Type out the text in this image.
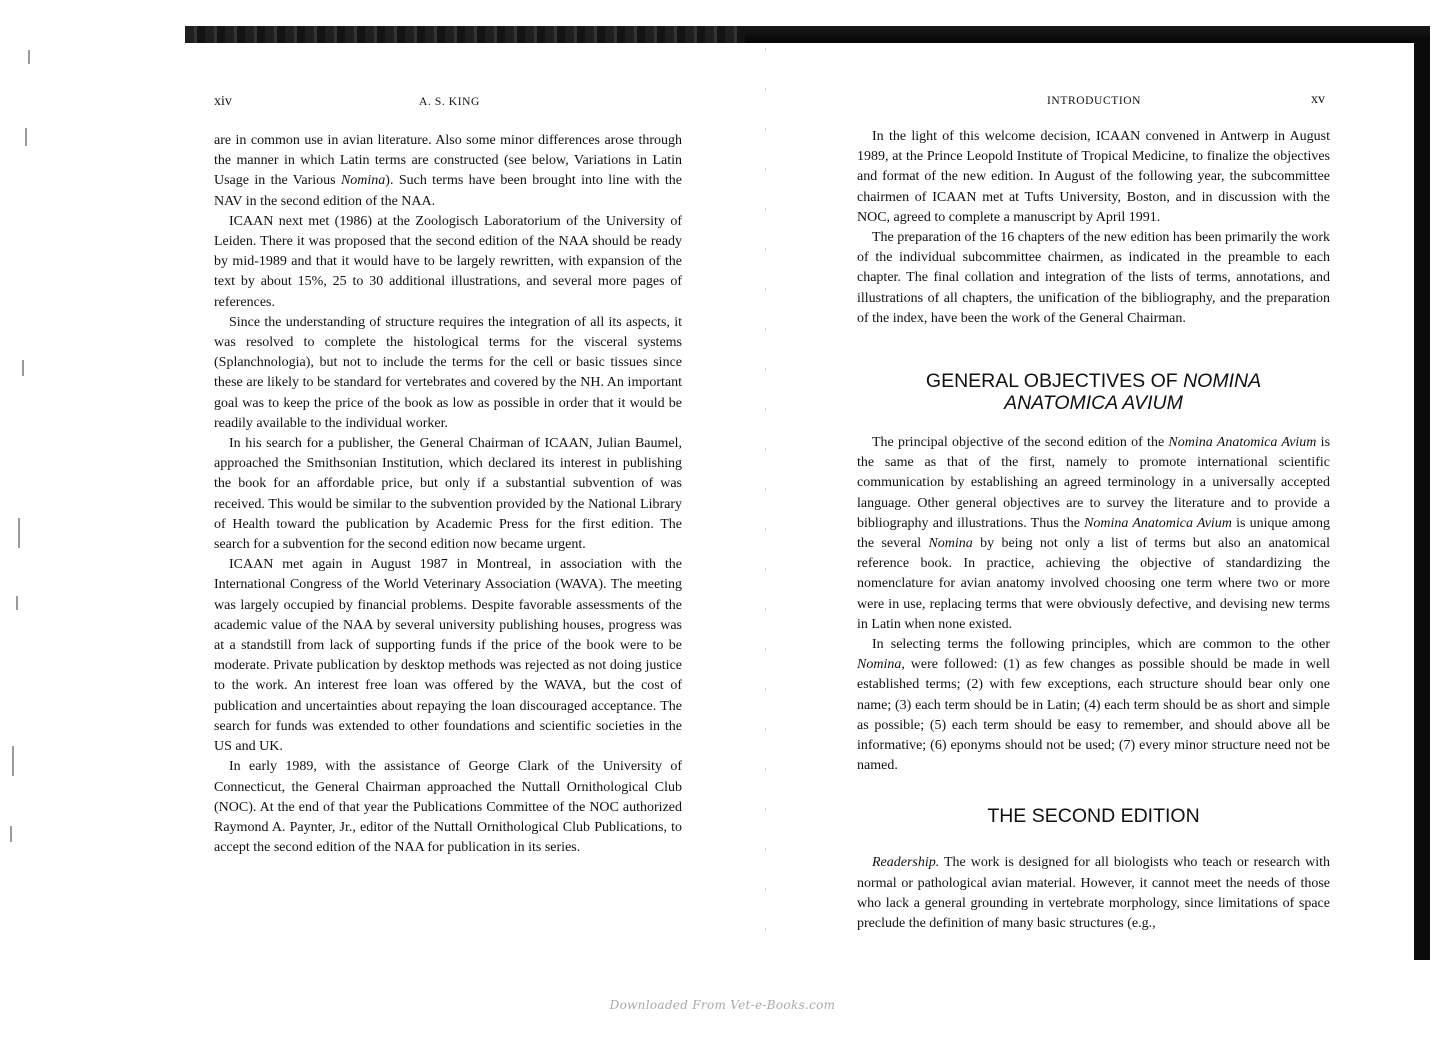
xiv	A. S. KING

are in common use in avian literature. Also some minor differences arose through the manner in which Latin terms are constructed (see below, Variations in Latin Usage in the Various Nomina). Such terms have been brought into line with the NAV in the second edition of the NAA.

ICAAN next met (1986) at the Zoologisch Laboratorium of the University of Leiden. There it was proposed that the second edition of the NAA should be ready by mid-1989 and that it would have to be largely rewritten, with expansion of the text by about 15%, 25 to 30 additional illustrations, and several more pages of references.

Since the understanding of structure requires the integration of all its aspects, it was resolved to complete the histological terms for the visceral systems (Splanchnologia), but not to include the terms for the cell or basic tissues since these are likely to be standard for vertebrates and covered by the NH. An important goal was to keep the price of the book as low as possible in order that it would be readily available to the individual worker.

In his search for a publisher, the General Chairman of ICAAN, Julian Baumel, approached the Smithsonian Institution, which declared its interest in publishing the book for an affordable price, but only if a substantial subvention of was received. This would be similar to the subvention provided by the National Library of Health toward the publication by Academic Press for the first edition. The search for a subvention for the second edition now became urgent.

ICAAN met again in August 1987 in Montreal, in association with the International Congress of the World Veterinary Association (WAVA). The meeting was largely occupied by financial problems. Despite favorable assessments of the academic value of the NAA by several university publishing houses, progress was at a standstill from lack of supporting funds if the price of the book were to be moderate. Private publication by desktop methods was rejected as not doing justice to the work. An interest free loan was offered by the WAVA, but the cost of publication and uncertainties about repaying the loan discouraged acceptance. The search for funds was extended to other foundations and scientific societies in the US and UK.

In early 1989, with the assistance of George Clark of the University of Connecticut, the General Chairman approached the Nuttall Ornithological Club (NOC). At the end of that year the Publications Committee of the NOC authorized Raymond A. Paynter, Jr., editor of the Nuttall Ornithological Club Publications, to accept the second edition of the NAA for publication in its series.

INTRODUCTION	xv

In the light of this welcome decision, ICAAN convened in Antwerp in August 1989, at the Prince Leopold Institute of Tropical Medicine, to finalize the objectives and format of the new edition. In August of the following year, the subcommittee chairmen of ICAAN met at Tufts University, Boston, and in discussion with the NOC, agreed to complete a manuscript by April 1991.

The preparation of the 16 chapters of the new edition has been primarily the work of the individual subcommittee chairmen, as indicated in the preamble to each chapter. The final collation and integration of the lists of terms, annotations, and illustrations of all chapters, the unification of the bibliography, and the preparation of the index, have been the work of the General Chairman.

GENERAL OBJECTIVES OF NOMINA
ANATOMICA AVIUM

The principal objective of the second edition of the Nomina Anatomica Avium is the same as that of the first, namely to promote international scientific communication by establishing an agreed terminology in a universally accepted language. Other general objectives are to survey the literature and to provide a bibliography and illustrations. Thus the Nomina Anatomica Avium is unique among the several Nomina by being not only a list of terms but also an anatomical reference book. In practice, achieving the objective of standardizing the nomenclature for avian anatomy involved choosing one term where two or more were in use, replacing terms that were obviously defective, and devising new terms in Latin when none existed.

In selecting terms the following principles, which are common to the other Nomina, were followed: (1) as few changes as possible should be made in well established terms; (2) with few exceptions, each structure should bear only one name; (3) each term should be in Latin; (4) each term should be as short and simple as possible; (5) each term should be easy to remember, and should above all be informative; (6) eponyms should not be used; (7) every minor structure need not be named.

THE SECOND EDITION

Readership. The work is designed for all biologists who teach or research with normal or pathological avian material. However, it cannot meet the needs of those who lack a general grounding in vertebrate morphology, since limitations of space preclude the definition of many basic structures (e.g.,

Downloaded From Vet-e-Books.com
